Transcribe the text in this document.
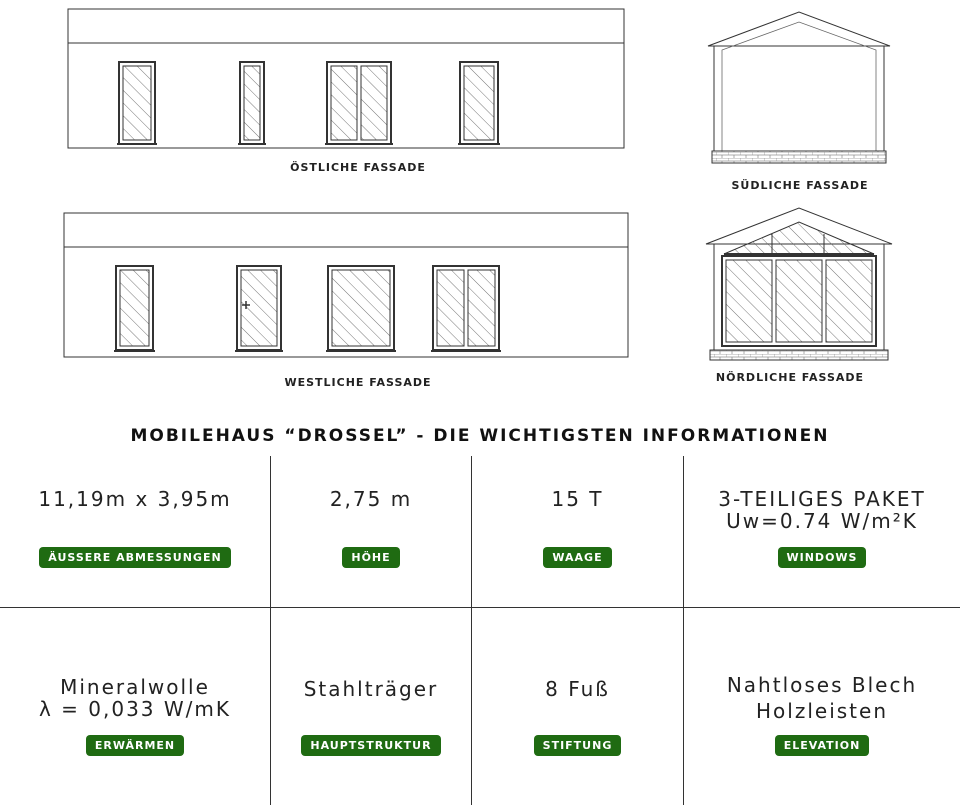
ÖSTLICHE FASSADE
SÜDLICHE FASSADE
WESTLICHE FASSADE	NÖRDLICHE FASSADE
MOBILEHAUS “DROSSEL” - DIE WICHTIGSTEN INFORMATIONEN
11,19m x 3,95m
ÄUSSERE ABMESSUNGEN
2,75 m
HÖHE
15 T
WAAGE
3-TEILIGES PAKET
Uw=0.74 W/m²K
WINDOWS
Mineralwolle
λ = 0,033 W/mK
ERWÄRMEN
Stahlträger
HAUPTSTRUKTUR
8 Fuß
STIFTUNG
Nahtloses Blech
Holzleisten
ELEVATION
